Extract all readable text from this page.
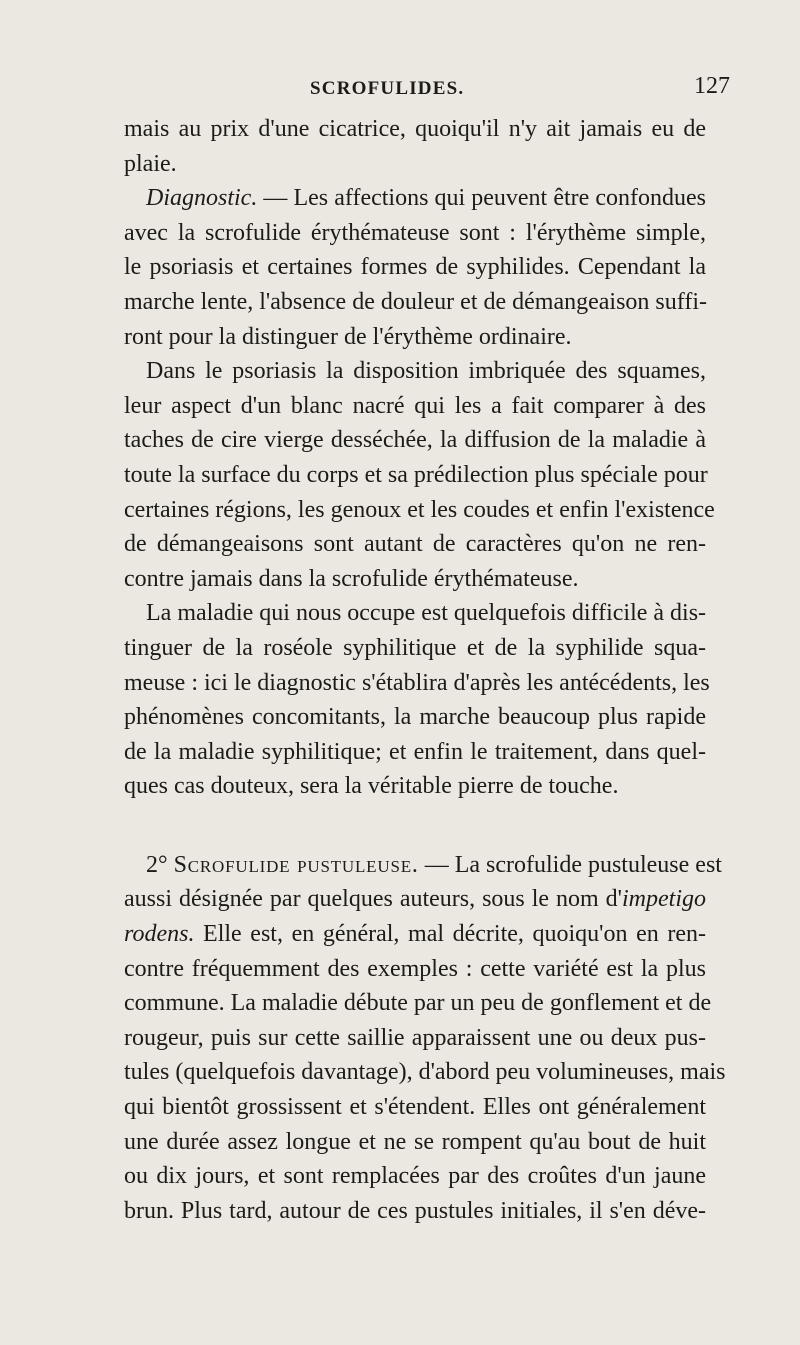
SCROFULIDES.	127
mais au prix d'une cicatrice, quoiqu'il n'y ait jamais eu de
plaie.
Diagnostic. — Les affections qui peuvent être confondues
avec la scrofulide érythémateuse sont : l'érythème simple,
le psoriasis et certaines formes de syphilides. Cependant la
marche lente, l'absence de douleur et de démangeaison suffi-
ront pour la distinguer de l'érythème ordinaire.
Dans le psoriasis la disposition imbriquée des squames,
leur aspect d'un blanc nacré qui les a fait comparer à des
taches de cire vierge desséchée, la diffusion de la maladie à
toute la surface du corps et sa prédilection plus spéciale pour
certaines régions, les genoux et les coudes et enfin l'existence
de démangeaisons sont autant de caractères qu'on ne ren-
contre jamais dans la scrofulide érythémateuse.
La maladie qui nous occupe est quelquefois difficile à dis-
tinguer de la roséole syphilitique et de la syphilide squa-
meuse : ici le diagnostic s'établira d'après les antécédents, les
phénomènes concomitants, la marche beaucoup plus rapide
de la maladie syphilitique; et enfin le traitement, dans quel-
ques cas douteux, sera la véritable pierre de touche.
2° Scrofulide pustuleuse. — La scrofulide pustuleuse est
aussi désignée par quelques auteurs, sous le nom d'impetigo
rodens. Elle est, en général, mal décrite, quoiqu'on en ren-
contre fréquemment des exemples : cette variété est la plus
commune. La maladie débute par un peu de gonflement et de
rougeur, puis sur cette saillie apparaissent une ou deux pus-
tules (quelquefois davantage), d'abord peu volumineuses, mais
qui bientôt grossissent et s'étendent. Elles ont généralement
une durée assez longue et ne se rompent qu'au bout de huit
ou dix jours, et sont remplacées par des croûtes d'un jaune
brun. Plus tard, autour de ces pustules initiales, il s'en déve-
